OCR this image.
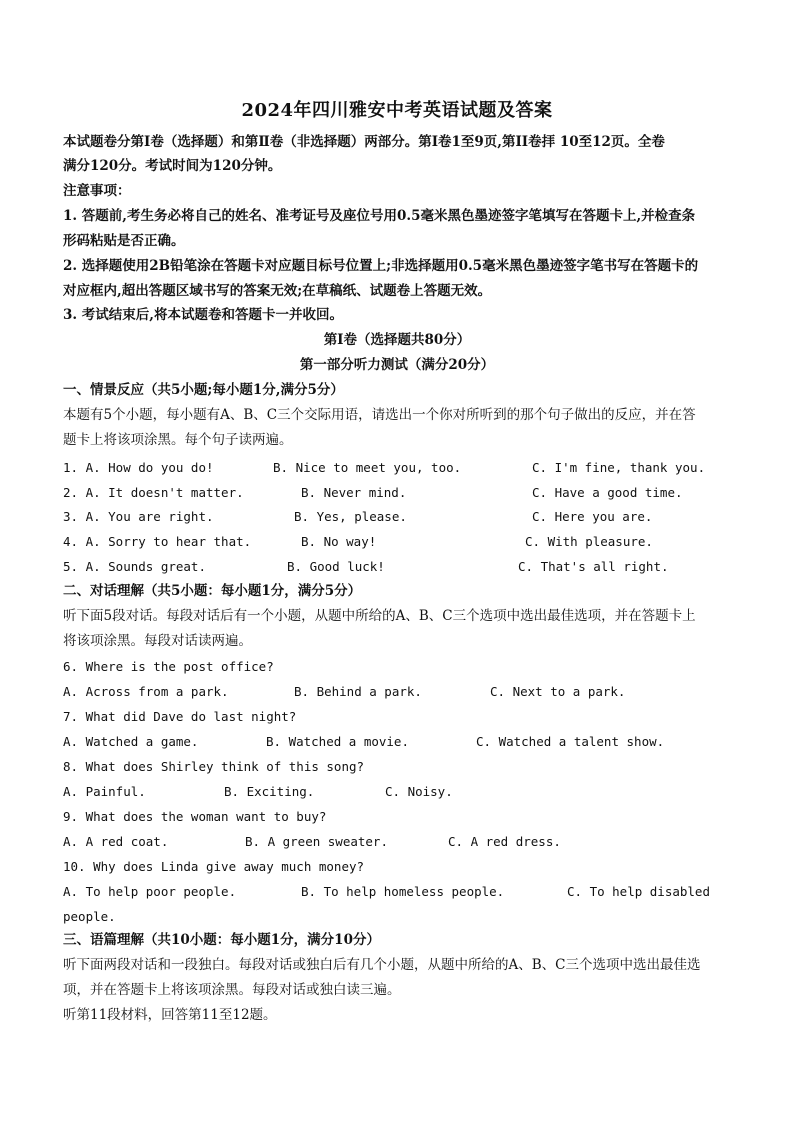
2024年四川雅安中考英语试题及答案
本试题卷分第Ⅰ卷（选择题）和第Ⅱ卷（非选择题）两部分。第Ⅰ卷1至9页,第II卷拝 10至12页。全卷
满分120分。考试时间为120分钟。
注意事项：
1. 答题前,考生务必将自己的姓名、准考证号及座位号用0.5毫米黑色墨迹签字笔填写在答题卡上,并检查条
形码粘贴是否正确。
2. 选择题使用2B铅笔涂在答题卡对应题目标号位置上;非选择题用0.5毫米黑色墨迹签字笔书写在答题卡的
对应框内,超出答题区域书写的答案无效;在草稿纸、试题卷上答题无效。
3. 考试结束后,将本试题卷和答题卡一并收回。
第Ⅰ卷（选择题共80分）
第一部分听力测试（满分20分）
一、情景反应（共5小题;每小题1分,满分5分）
本题有5个小题，每小题有A、B、C三个交际用语，请选出一个你对所听到的那个句子做出的反应，并在答
题卡上将该项涂黑。每个句子读两遍。
1. A. How do you do!	B. Nice to meet you, too.	C. I'm fine, thank you.
2. A. It doesn't matter.	B. Never mind.	C. Have a good time.
3. A. You are right.	B. Yes, please.	C. Here you are.
4. A. Sorry to hear that.	B. No way!	C. With pleasure.
5. A. Sounds great.	B. Good luck!	C. That's all right.
二、对话理解（共5小题：每小题1分，满分5分）
听下面5段对话。每段对话后有一个小题，从题中所给的A、B、C三个选项中选出最佳选项，并在答题卡上
将该项涂黑。每段对话读两遍。
6. Where is the post office?
A. Across from a park.	B. Behind a park.	C. Next to a park.
7. What did Dave do last night?
A. Watched a game.	B. Watched a movie.	C. Watched a talent show.
8. What does Shirley think of this song?
A. Painful.	B. Exciting.	C. Noisy.
9. What does the woman want to buy?
A. A red coat.	B. A green sweater.	C. A red dress.
10. Why does Linda give away much money?
A. To help poor people.	B. To help homeless people.	C. To help disabled
people.
三、语篇理解（共10小题：每小题1分，满分10分）
听下面两段对话和一段独白。每段对话或独白后有几个小题，从题中所给的A、B、C三个选项中选出最佳选
项，并在答题卡上将该项涂黑。每段对话或独白读三遍。
听第11段材料，回答第11至12题。
